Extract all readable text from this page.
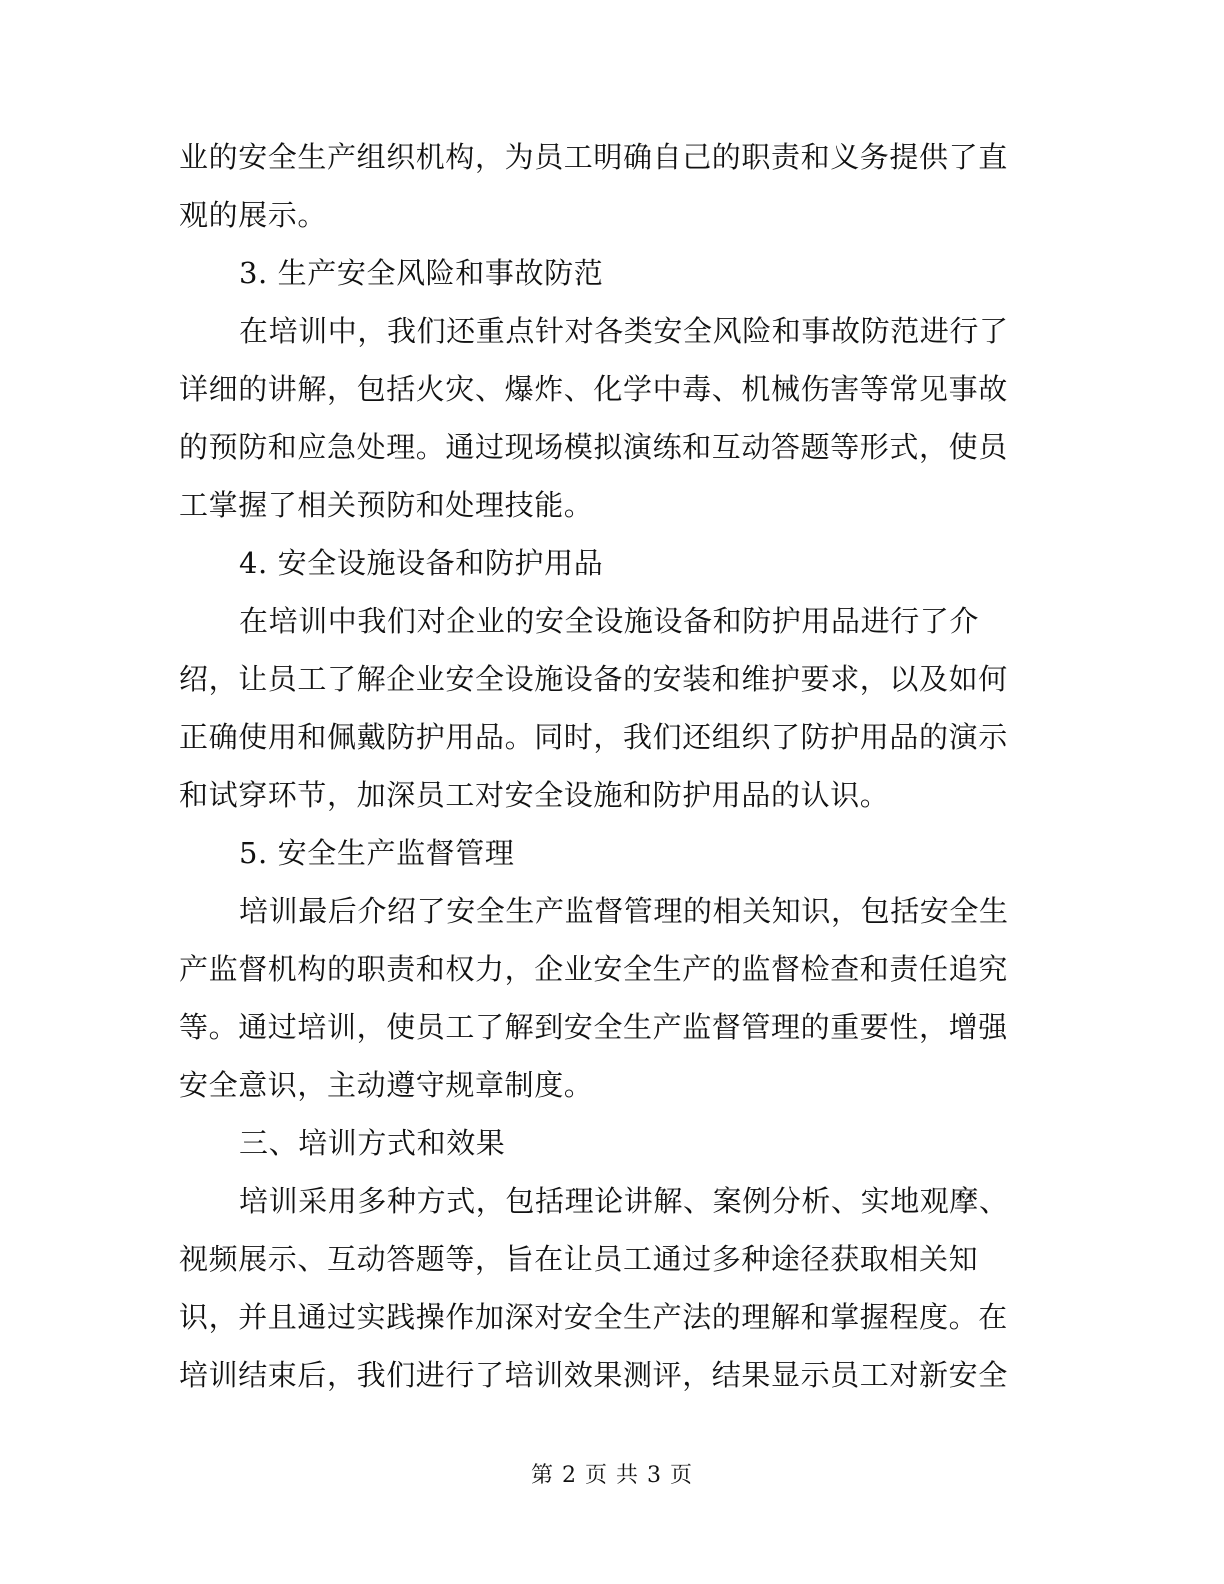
业的安全生产组织机构，为员工明确自己的职责和义务提供了直
观的展示。
3. 生产安全风险和事故防范
在培训中，我们还重点针对各类安全风险和事故防范进行了
详细的讲解，包括火灾、爆炸、化学中毒、机械伤害等常见事故
的预防和应急处理。通过现场模拟演练和互动答题等形式，使员
工掌握了相关预防和处理技能。
4. 安全设施设备和防护用品
在培训中我们对企业的安全设施设备和防护用品进行了介
绍，让员工了解企业安全设施设备的安装和维护要求，以及如何
正确使用和佩戴防护用品。同时，我们还组织了防护用品的演示
和试穿环节，加深员工对安全设施和防护用品的认识。
5. 安全生产监督管理
培训最后介绍了安全生产监督管理的相关知识，包括安全生
产监督机构的职责和权力，企业安全生产的监督检查和责任追究
等。通过培训，使员工了解到安全生产监督管理的重要性，增强
安全意识，主动遵守规章制度。
三、培训方式和效果
培训采用多种方式，包括理论讲解、案例分析、实地观摩、
视频展示、互动答题等，旨在让员工通过多种途径获取相关知
识，并且通过实践操作加深对安全生产法的理解和掌握程度。在
培训结束后，我们进行了培训效果测评，结果显示员工对新安全
第 2 页 共 3 页
